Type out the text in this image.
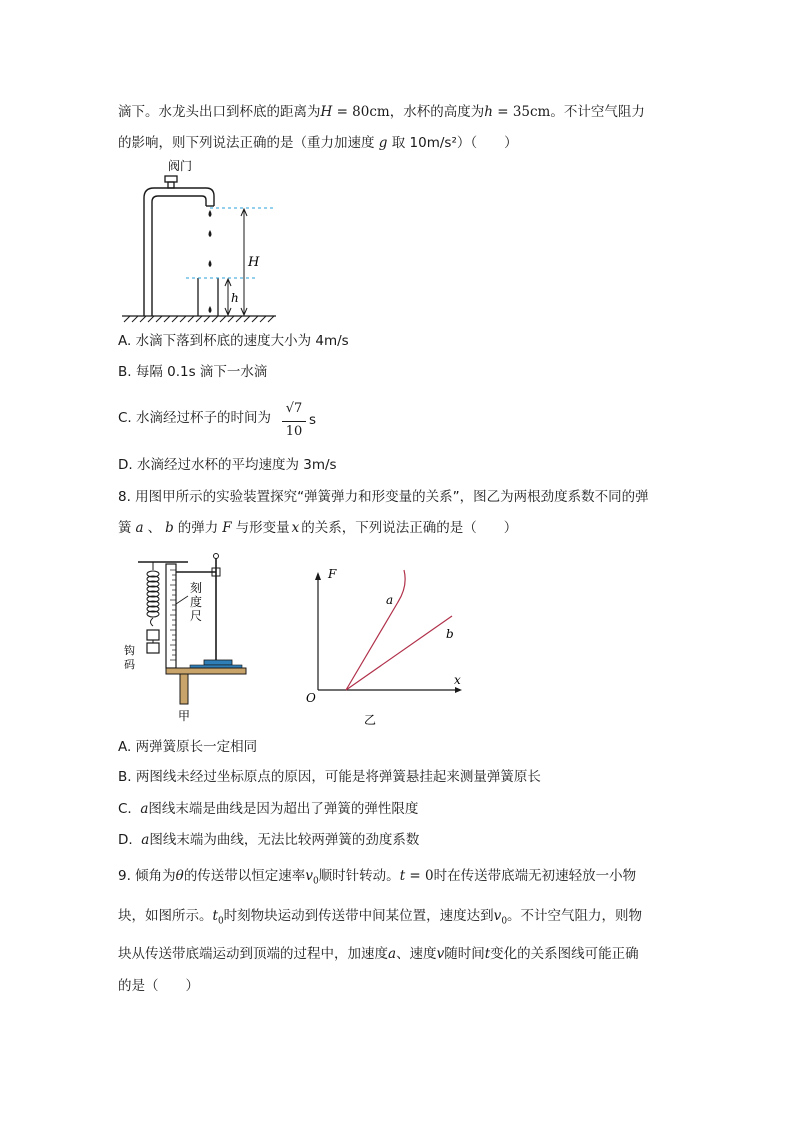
滴下。水龙头出口到杯底的距离为H = 80cm，水杯的高度为h = 35cm。不计空气阻力
的影响，则下列说法正确的是（重力加速度 g 取 10m/s²）（　　）
阀门
H
h
A. 水滴下落到杯底的速度大小为 4m/s
B. 每隔 0.1s 滴下一水滴
C. 水滴经过杯子的时间为
√7
10
s
D. 水滴经过水杯的平均速度为 3m/s
8. 用图甲所示的实验装置探究“弹簧弹力和形变量的关系”，图乙为两根劲度系数不同的弹
簧 a 、 b 的弹力 F 与形变量 x 的关系，下列说法正确的是（　　）
刻
度
尺
钩
码
甲
F
x
O
a
b
乙
A. 两弹簧原长一定相同
B. 两图线未经过坐标原点的原因，可能是将弹簧悬挂起来测量弹簧原长
C.  a图线末端是曲线是因为超出了弹簧的弹性限度
D.  a图线末端为曲线，无法比较两弹簧的劲度系数
9. 倾角为θ的传送带以恒定速率$v_0$顺时针转动。t = 0时在传送带底端无初速轻放一小物
块，如图所示。$t_0$时刻物块运动到传送带中间某位置，速度达到$v_0$。不计空气阻力，则物
块从传送带底端运动到顶端的过程中，加速度a、速度v随时间t变化的关系图线可能正确
的是（　　）
